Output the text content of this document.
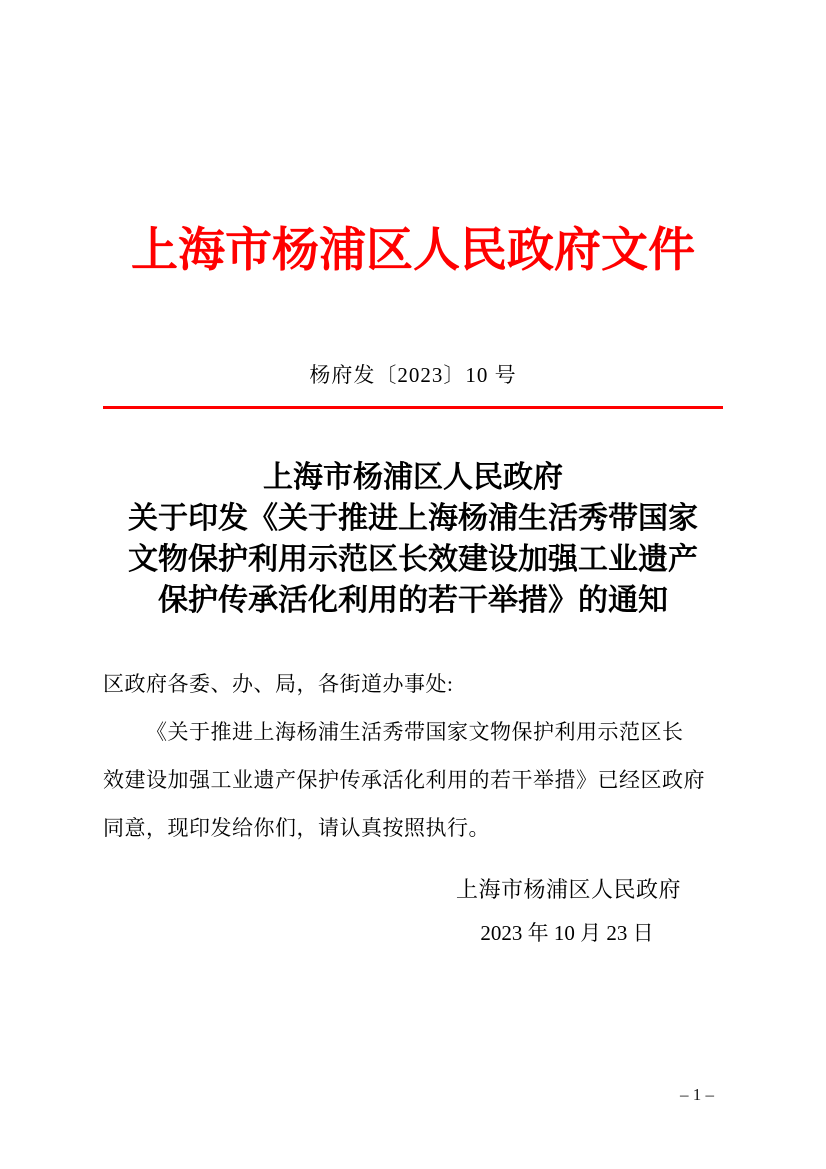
上海市杨浦区人民政府文件
杨府发〔2023〕10 号
上海市杨浦区人民政府
关于印发《关于推进上海杨浦生活秀带国家
文物保护利用示范区长效建设加强工业遗产
保护传承活化利用的若干举措》的通知
区政府各委、办、局，各街道办事处:
《关于推进上海杨浦生活秀带国家文物保护利用示范区长
效建设加强工业遗产保护传承活化利用的若干举措》已经区政府
同意，现印发给你们，请认真按照执行。
上海市杨浦区人民政府
2023 年 10 月 23 日
– 1 –
